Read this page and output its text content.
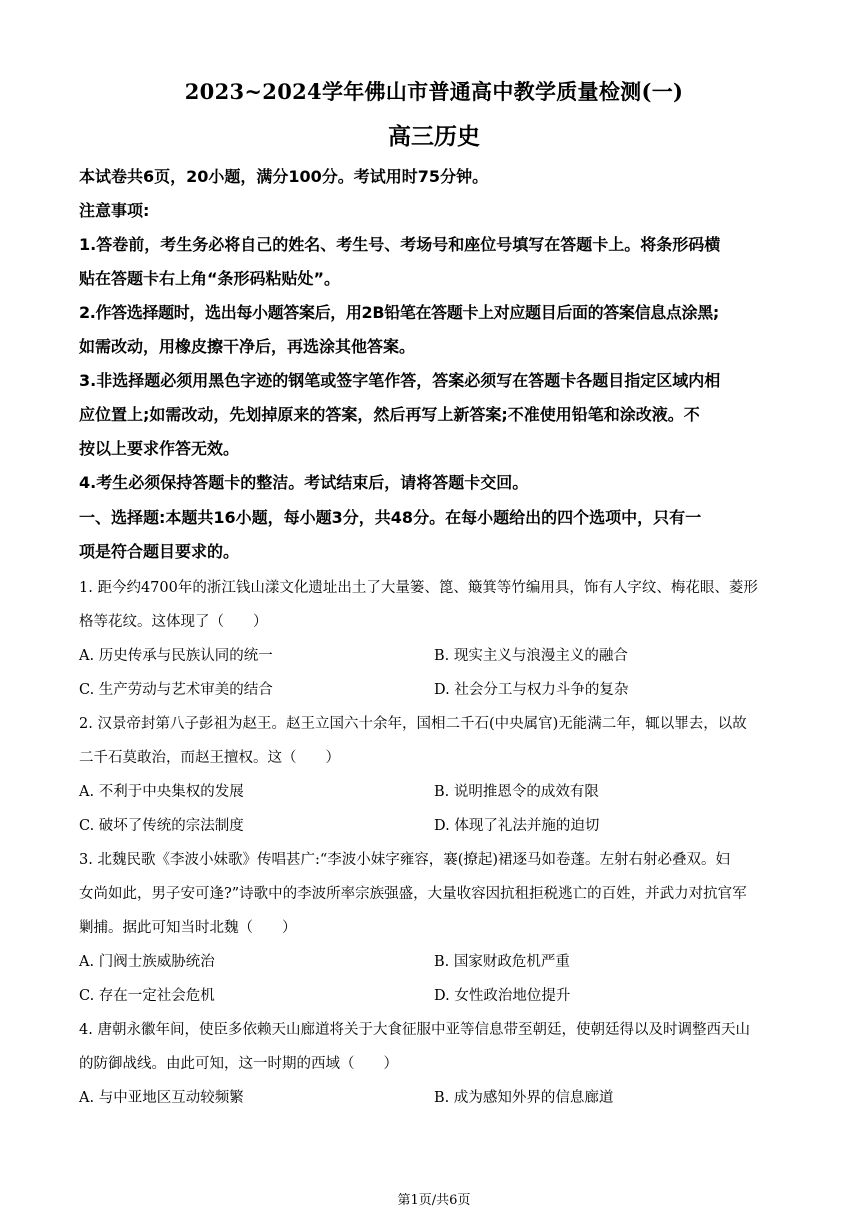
2023~2024学年佛山市普通高中教学质量检测(一)
高三历史
本试卷共6页，20小题，满分100分。考试用时75分钟。
注意事项:
1.答卷前，考生务必将自己的姓名、考生号、考场号和座位号填写在答题卡上。将条形码横
贴在答题卡右上角“条形码粘贴处”。
2.作答选择题时，选出每小题答案后，用2B铅笔在答题卡上对应题目后面的答案信息点涂黑;
如需改动，用橡皮擦干净后，再选涂其他答案。
3.非选择题必须用黑色字迹的钢笔或签字笔作答，答案必须写在答题卡各题目指定区域内相
应位置上;如需改动，先划掉原来的答案，然后再写上新答案;不准使用铅笔和涂改液。不
按以上要求作答无效。
4.考生必须保持答题卡的整洁。考试结束后，请将答题卡交回。
一、选择题:本题共16小题，每小题3分，共48分。在每小题给出的四个选项中，只有一
项是符合题目要求的。
1. 距今约4700年的浙江钱山漾文化遗址出土了大量篓、箆、簸箕等竹编用具，饰有人字纹、梅花眼、菱形
格等花纹。这体现了（　　）
A. 历史传承与民族认同的统一	B. 现实主义与浪漫主义的融合
C. 生产劳动与艺术审美的结合	D. 社会分工与权力斗争的复杂
2. 汉景帝封第八子彭祖为赵王。赵王立国六十余年，国相二千石(中央属官)无能满二年，辄以罪去，以故
二千石莫敢治，而赵王擅权。这（　　）
A. 不利于中央集权的发展	B. 说明推恩令的成效有限
C. 破坏了传统的宗法制度	D. 体现了礼法并施的迫切
3. 北魏民歌《李波小妹歌》传唱甚广:“李波小妹字雍容，褰(撩起)裙逐马如卷蓬。左射右射必叠双。妇
女尚如此，男子安可逢?”诗歌中的李波所率宗族强盛，大量收容因抗租拒税逃亡的百姓，并武力对抗官军
剿捕。据此可知当时北魏（　　）
A. 门阀士族威胁统治	B. 国家财政危机严重
C. 存在一定社会危机	D. 女性政治地位提升
4. 唐朝永徽年间，使臣多依赖天山廊道将关于大食征服中亚等信息带至朝廷，使朝廷得以及时调整西天山
的防御战线。由此可知，这一时期的西域（　　）
A. 与中亚地区互动较频繁	B. 成为感知外界的信息廊道
第1页/共6页
